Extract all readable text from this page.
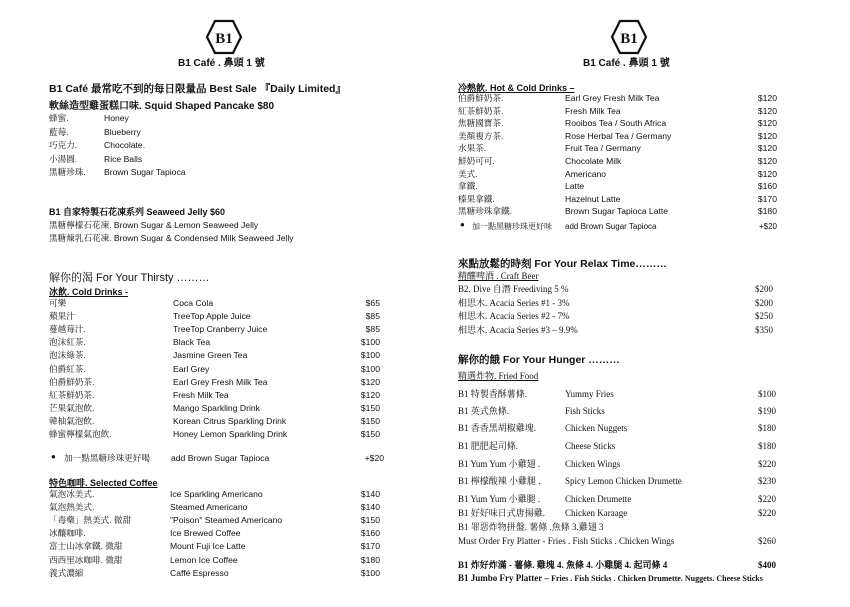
B1
B1 Café . 鼻頭 1 號
B1 Café 最常吃不到的每日限量品 Best Sale 『Daily Limited』
軟絲造型雞蛋糕口味. Squid Shaped Pancake $80
蜂蜜.	Honey
藍莓.	Blueberry
巧克力.	Chocolate.
小湯圓.	Rice Balls
黑糖珍珠. Brown Sugar Tapioca
B1 自家特製石花凍系列 Seaweed Jelly $60
黑糖檸檬石花凍. Brown Sugar & Lemon Seaweed Jelly
黑糖煉乳石花凍. Brown Sugar & Condensed Milk Seaweed Jelly
解你的渴 For Your Thirsty ………
冰飲. Cold Drinks -
可樂	Coca Cola	$65
蘋果汁	TreeTop Apple Juice	$85
蔓越莓汁.	TreeTop Cranberry Juice	$85
泡沫紅茶.	Black Tea	$100
泡沫綠茶.	Jasmine Green Tea	$100
伯爵紅茶.	Earl Grey	$100
伯爵鮮奶茶.	Earl Grey Fresh Milk Tea	$120
紅茶鮮奶茶.	Fresh Milk Tea	$120
芒果氣泡飲.	Mango Sparkling Drink	$150
韓柚氣泡飲.	Korean Citrus Sparkling Drink	$150
蜂蜜檸檬氣泡飲.	Honey Lemon Sparkling Drink	$150
● 加一點黑糖珍珠更好喝 add Brown Sugar Tapioca	+$20
特色咖啡. Selected Coffee
氣泡冰美式.	Ice Sparkling Americano	$140
氣泡熱美式.	Steamed Americano	$140
「毒藥」熱美式. 微甜	"Poison" Steamed Americano	$150
冰釀咖啡.	Ice Brewed Coffee	$160
富士山冰拿鐵. 微甜	Mount Fuji Ice Latte	$170
西西里冰咖啡. 微甜	Lemon Ice Coffee	$180
義式濃縮	Caffé Espresso	$100
B1
B1 Café . 鼻頭 1 號
冷熱飲. Hot & Cold Drinks –
伯爵鮮奶茶.	Earl Grey Fresh Milk Tea	$120
紅茶鮮奶茶.	Fresh Milk Tea	$120
焦糖國寶茶.	Rooibos Tea / South Africa	$120
美顏複方茶.	Rose Herbal Tea / Germany	$120
水果茶.	Fruit Tea / Germany	$120
鮮奶可可.	Chocolate Milk	$120
美式.	Americano	$120
拿鐵.	Latte	$160
榛果拿鐵.	Hazelnut Latte	$170
黑糖珍珠拿鐵.	Brown Sugar Tapioca Latte	$180
● 加一點黑糖珍珠更好味 add Brown Sugar Tapioca	+$20
來點放鬆的時刻 For Your Relax Time………
精釀啤酒 . Craft Beer
B2. Dive 自潛 Freediving 5 %	$200
相思木. Acacia Series #1 - 3%	$200
相思木. Acacia Series #2 - 7%	$250
相思木. Acacia Series #3 – 9.9%	$350
解你的餓 For Your Hunger ………
精選炸物. Fried Food
B1 特製香酥薯條.	Yummy Fries	$100
B1 英式魚條.	Fish Sticks	$190
B1 香香黑胡椒雞塊.	Chicken Nuggets	$180
B1 肥肥起司條.	Cheese Sticks	$180
B1 Yum Yum 小雞翅 .	Chicken Wings	$220
B1 檸檬酸辣 小雞腿 .	Spicy Lemon Chicken Drumette	$230
B1 Yum Yum 小雞腿 .	Chicken Drumette	$220
B1 好好味日式唐揚雞. Chicken Karaage	$220
B1 罪惡炸物拼盤. 薯條 .魚條 3.雞翅 3
Must Order Fry Platter - Fries . Fish Sticks . Chicken Wings	$260
B1 炸好炸滿 - 薯條. 雞塊 4. 魚條 4. 小雞腿 4. 起司條 4	$400
B1 Jumbo Fry Platter – Fries . Fish Sticks . Chicken Drumette. Nuggets. Cheese Sticks
